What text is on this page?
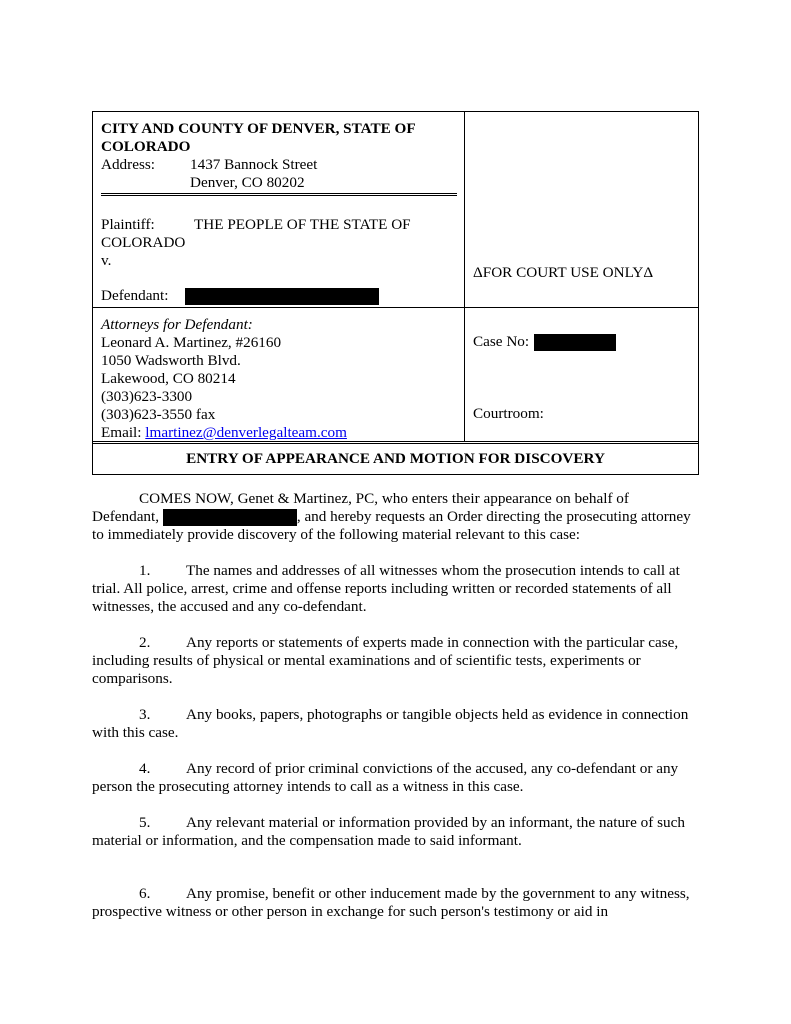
CITY AND COUNTY OF DENVER, STATE OF COLORADO
Address:	1437 Bannock Street
Denver, CO 80202
Plaintiff:	THE PEOPLE OF THE STATE OF
COLORADO
v.
Defendant:
ΔFOR COURT USE ONLYΔ
Attorneys for Defendant:
Leonard A. Martinez, #26160
1050 Wadsworth Blvd.
Lakewood, CO 80214
(303)623-3300
(303)623-3550 fax
Email: lmartinez@denverlegalteam.com
Case No:
Courtroom:
ENTRY OF APPEARANCE AND MOTION FOR DISCOVERY

COMES NOW, Genet & Martinez, PC, who enters their appearance on behalf of Defendant,	, and hereby requests an Order directing the prosecuting attorney to immediately provide discovery of the following material relevant to this case:

1. The names and addresses of all witnesses whom the prosecution intends to call at trial. All police, arrest, crime and offense reports including written or recorded statements of all witnesses, the accused and any co-defendant.

2. Any reports or statements of experts made in connection with the particular case, including results of physical or mental examinations and of scientific tests, experiments or comparisons.

3. Any books, papers, photographs or tangible objects held as evidence in connection with this case.

4. Any record of prior criminal convictions of the accused, any co-defendant or any person the prosecuting attorney intends to call as a witness in this case.

5. Any relevant material or information provided by an informant, the nature of such material or information, and the compensation made to said informant.

6. Any promise, benefit or other inducement made by the government to any witness, prospective witness or other person in exchange for such person's testimony or aid in
